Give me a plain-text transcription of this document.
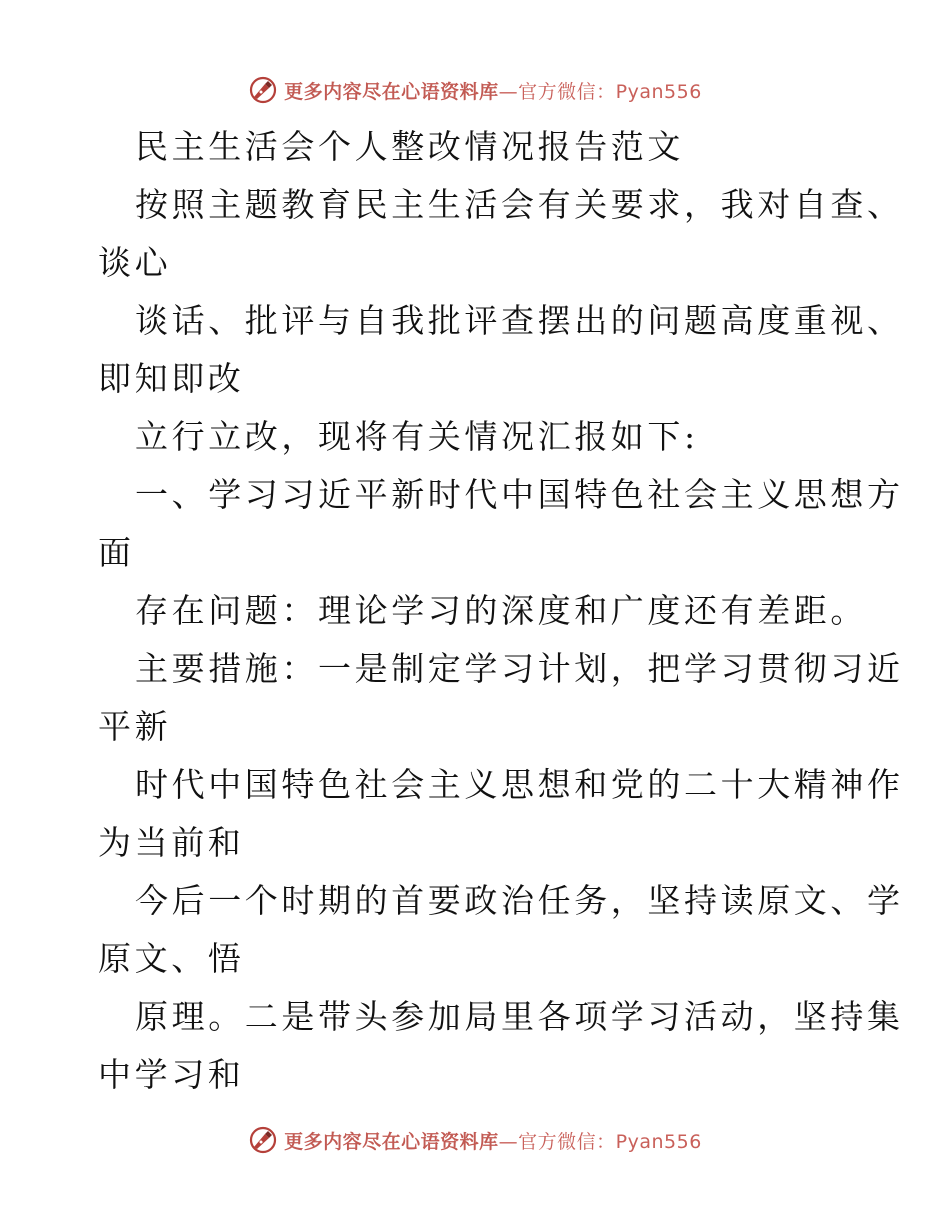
更多内容尽在心语资料库—官方微信：Pyan556
民主生活会个人整改情况报告范文
按照主题教育民主生活会有关要求，我对自查、
谈心
谈话、批评与自我批评查摆出的问题高度重视、
即知即改
立行立改，现将有关情况汇报如下:
一、学习习近平新时代中国特色社会主义思想方
面
存在问题：理论学习的深度和广度还有差距。
主要措施：一是制定学习计划，把学习贯彻习近
平新
时代中国特色社会主义思想和党的二十大精神作
为当前和
今后一个时期的首要政治任务，坚持读原文、学
原文、悟
原理。二是带头参加局里各项学习活动，坚持集
中学习和
更多内容尽在心语资料库—官方微信：Pyan556
